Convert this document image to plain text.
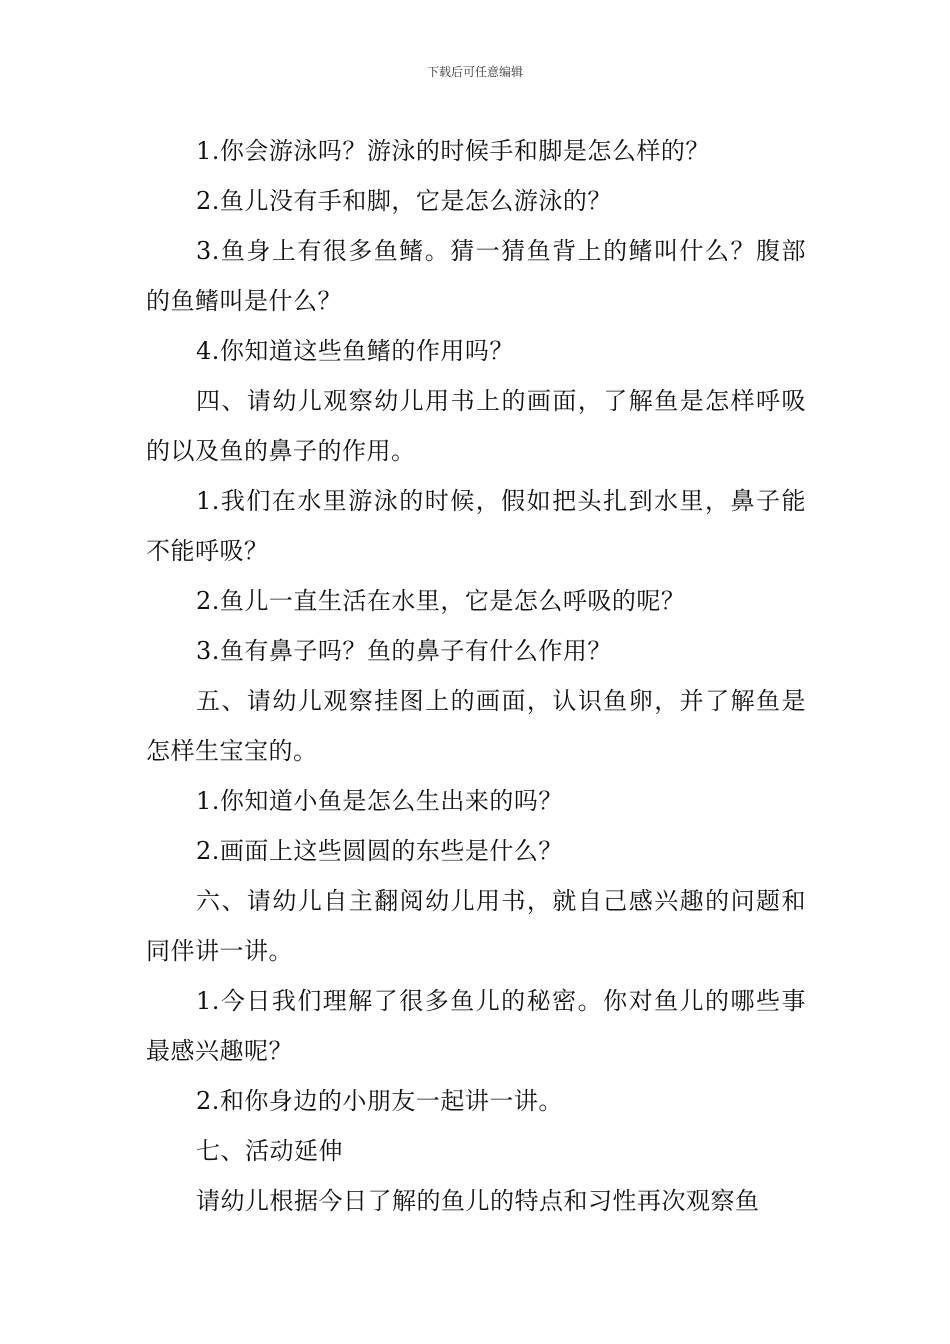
下载后可任意编辑

1.你会游泳吗？游泳的时候手和脚是怎么样的？

2.鱼儿没有手和脚，它是怎么游泳的？

3.鱼身上有很多鱼鳍。猜一猜鱼背上的鳍叫什么？腹部的鱼鳍叫是什么？

4.你知道这些鱼鳍的作用吗？

四、请幼儿观察幼儿用书上的画面，了解鱼是怎样呼吸的以及鱼的鼻子的作用。

1.我们在水里游泳的时候，假如把头扎到水里，鼻子能不能呼吸？

2.鱼儿一直生活在水里，它是怎么呼吸的呢？

3.鱼有鼻子吗？鱼的鼻子有什么作用？

五、请幼儿观察挂图上的画面，认识鱼卵，并了解鱼是怎样生宝宝的。

1.你知道小鱼是怎么生出来的吗？

2.画面上这些圆圆的东些是什么？

六、请幼儿自主翻阅幼儿用书，就自己感兴趣的问题和同伴讲一讲。

1.今日我们理解了很多鱼儿的秘密。你对鱼儿的哪些事最感兴趣呢？

2.和你身边的小朋友一起讲一讲。

七、活动延伸

请幼儿根据今日了解的鱼儿的特点和习性再次观察鱼
